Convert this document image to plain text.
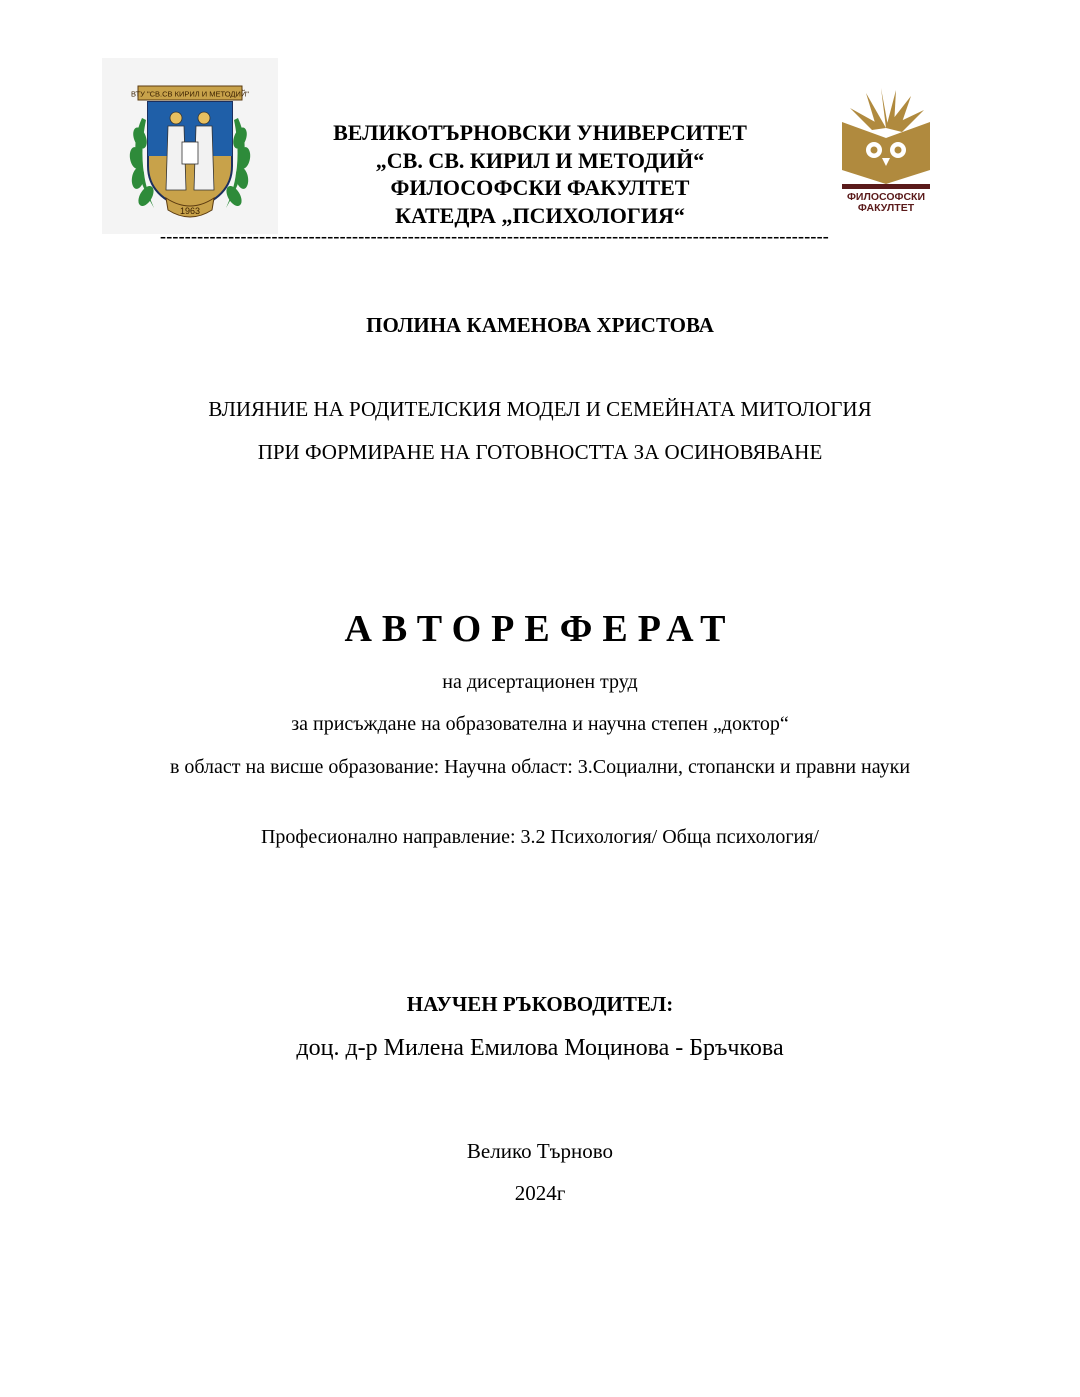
ВТУ "СВ.СВ КИРИЛ И МЕТОДИЙ"
1963
ФИЛОСОФСКИ
ФАКУЛТЕТ
ВЕЛИКОТЪРНОВСКИ УНИВЕРСИТЕТ
„СВ. СВ. КИРИЛ И МЕТОДИЙ“
ФИЛОСОФСКИ ФАКУЛТЕТ
КАТЕДРА „ПСИХОЛОГИЯ“
------------------------------------------------------------------------------------------------------------
ПОЛИНА КАМЕНОВА ХРИСТОВА
ВЛИЯНИЕ НА РОДИТЕЛСКИЯ МОДЕЛ И СЕМЕЙНАТА МИТОЛОГИЯ
ПРИ ФОРМИРАНЕ НА ГОТОВНОСТТА ЗА ОСИНОВЯВАНЕ
АВТОРЕФЕРАТ
на дисертационен труд
за присъждане на образователна и научна степен „доктор“
в област на висше образование: Научна област: 3.Социални, стопански и правни науки
Професионално направление: 3.2 Психология/ Обща психология/
НАУЧЕН РЪКОВОДИТЕЛ:
доц. д-р Милена Емилова Моцинова - Бръчкова
Велико Търново
2024г
